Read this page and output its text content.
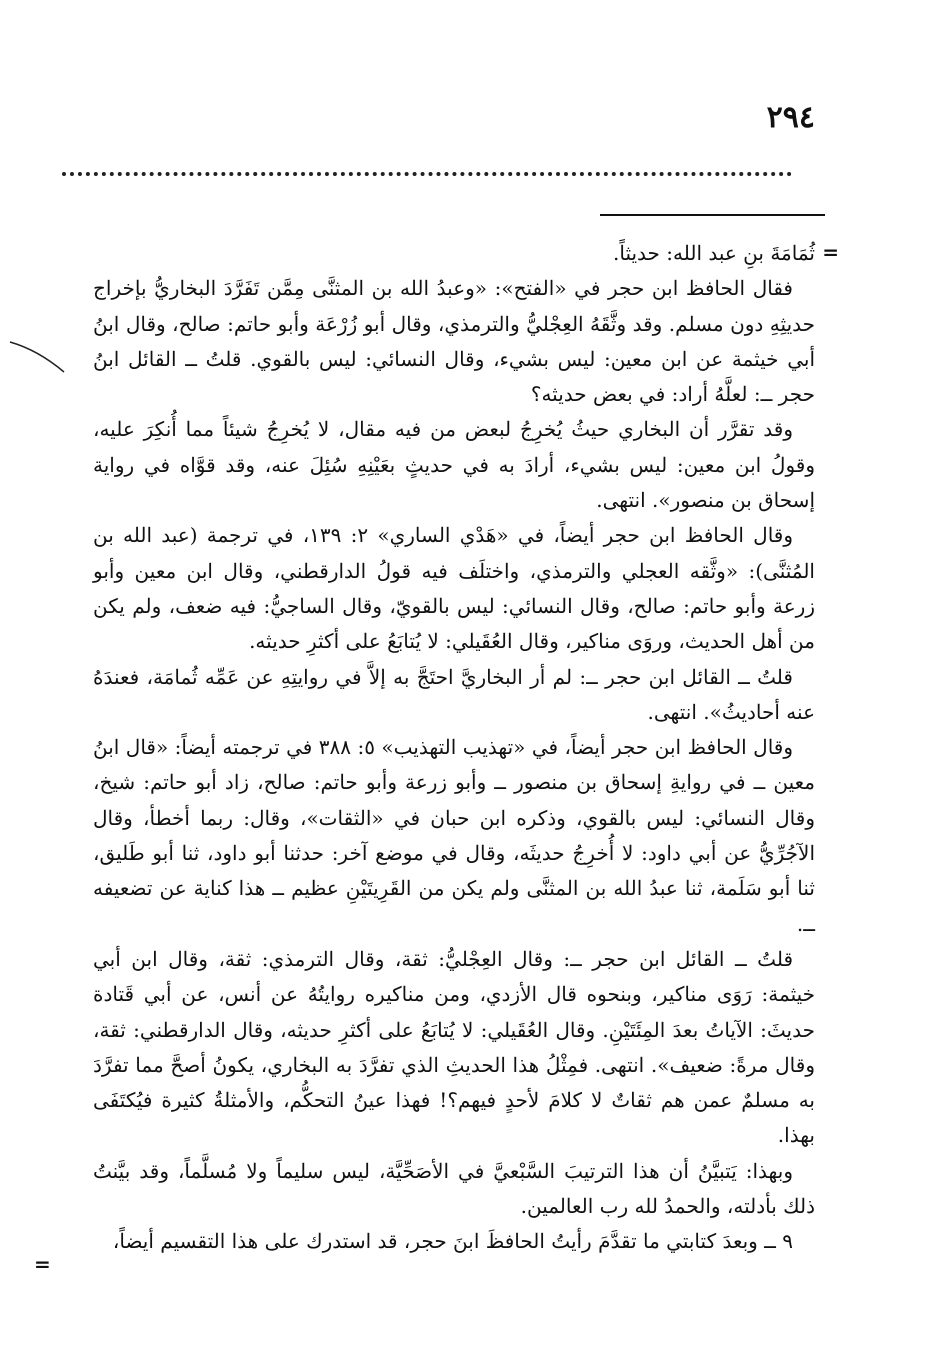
٢٩٤
=

ثُمَامَةَ بنِ عبد الله: حديثاً.

فقال الحافظ ابن حجر في «الفتح»: «وعبدُ الله بن المثنَّى مِمَّن تَفَرَّدَ البخاريُّ بإخراج حديثِهِ دون مسلم. وقد وثَّقَهُ العِجْليُّ والترمذي، وقال أبو زُرْعَة وأبو حاتم: صالح، وقال ابنُ أبي خيثمة عن ابن معين: ليس بشيء، وقال النسائي: ليس بالقوي. قلتُ ــ القائل ابنُ حجر ــ: لعلَّهُ أراد: في بعض حديثه؟

وقد تقرَّر أن البخاري حيثُ يُخرِجُ لبعض من فيه مقال، لا يُخرِجُ شيئاً مما أُنكِرَ عليه، وقولُ ابن معين: ليس بشيء، أرادَ به في حديثٍ بعَيْنِهِ سُئِلَ عنه، وقد قوَّاه في رواية إسحاق بن منصور». انتهى.

وقال الحافظ ابن حجر أيضاً، في «هَدْي الساري» ٢: ١٣٩، في ترجمة (عبد الله بن المُثنَّى): «وثَّقه العجلي والترمذي، واختلَف فيه قولُ الدارقطني، وقال ابن معين وأبو زرعة وأبو حاتم: صالح، وقال النسائي: ليس بالقويّ، وقال الساجيُّ: فيه ضعف، ولم يكن من أهل الحديث، وروَى مناكير، وقال العُقَيلي: لا يُتابَعُ على أكثرِ حديثه.

قلتُ ــ القائل ابن حجر ــ: لم أر البخاريَّ احتَجَّ به إلاَّ في روايتِهِ عن عَمِّه ثُمامَة، فعندَهُ عنه أحاديثُ». انتهى.

وقال الحافظ ابن حجر أيضاً، في «تهذيب التهذيب» ٥: ٣٨٨ في ترجمته أيضاً: «قال ابنُ معين ــ في روايةِ إسحاق بن منصور ــ وأبو زرعة وأبو حاتم: صالح، زاد أبو حاتم: شيخ، وقال النسائي: ليس بالقوي، وذكره ابن حبان في «الثقات»، وقال: ربما أخطأ، وقال الآجُرِّيُّ عن أبي داود: لا أُخرِجُ حديثَه، وقال في موضع آخر: حدثنا أبو داود، ثنا أبو طَليق، ثنا أبو سَلَمة، ثنا عبدُ الله بن المثنَّى ولم يكن من القَرِيتَيْنِ عظيم ــ هذا كناية عن تضعيفه ــ.

قلتُ ــ القائل ابن حجر ــ: وقال العِجْليُّ: ثقة، وقال الترمذي: ثقة، وقال ابن أبي خيثمة: رَوَى مناكير، وبنحوه قال الأزدي، ومن مناكيره روايتُهُ عن أنس، عن أبي قَتادة حديثَ: الآياتُ بعدَ المِئَتَيْنِ. وقال العُقَيلي: لا يُتابَعُ على أكثرِ حديثه، وقال الدارقطني: ثقة، وقال مرةً: ضعيف». انتهى. فمِثْلُ هذا الحديثِ الذي تفرَّدَ به البخاري، يكونُ أصحَّ مما تفرَّدَ به مسلمٌ عمن هم ثقاتٌ لا كلامَ لأحدٍ فيهم؟! فهذا عينُ التحكُّم، والأمثلةُ كثيرة فيُكتَفَى بهذا.

وبهذا: يَتبيَّنُ أن هذا الترتيبَ السَّبْعيَّ في الأصَحِّيَّة، ليس سليماً ولا مُسلَّماً، وقد بيَّنتُ ذلك بأدلته، والحمدُ لله رب العالمين.

٩ ــ وبعدَ كتابتي ما تقدَّمَ رأيتُ الحافظَ ابنَ حجر، قد استدرك على هذا التقسيم أيضاً،

=
